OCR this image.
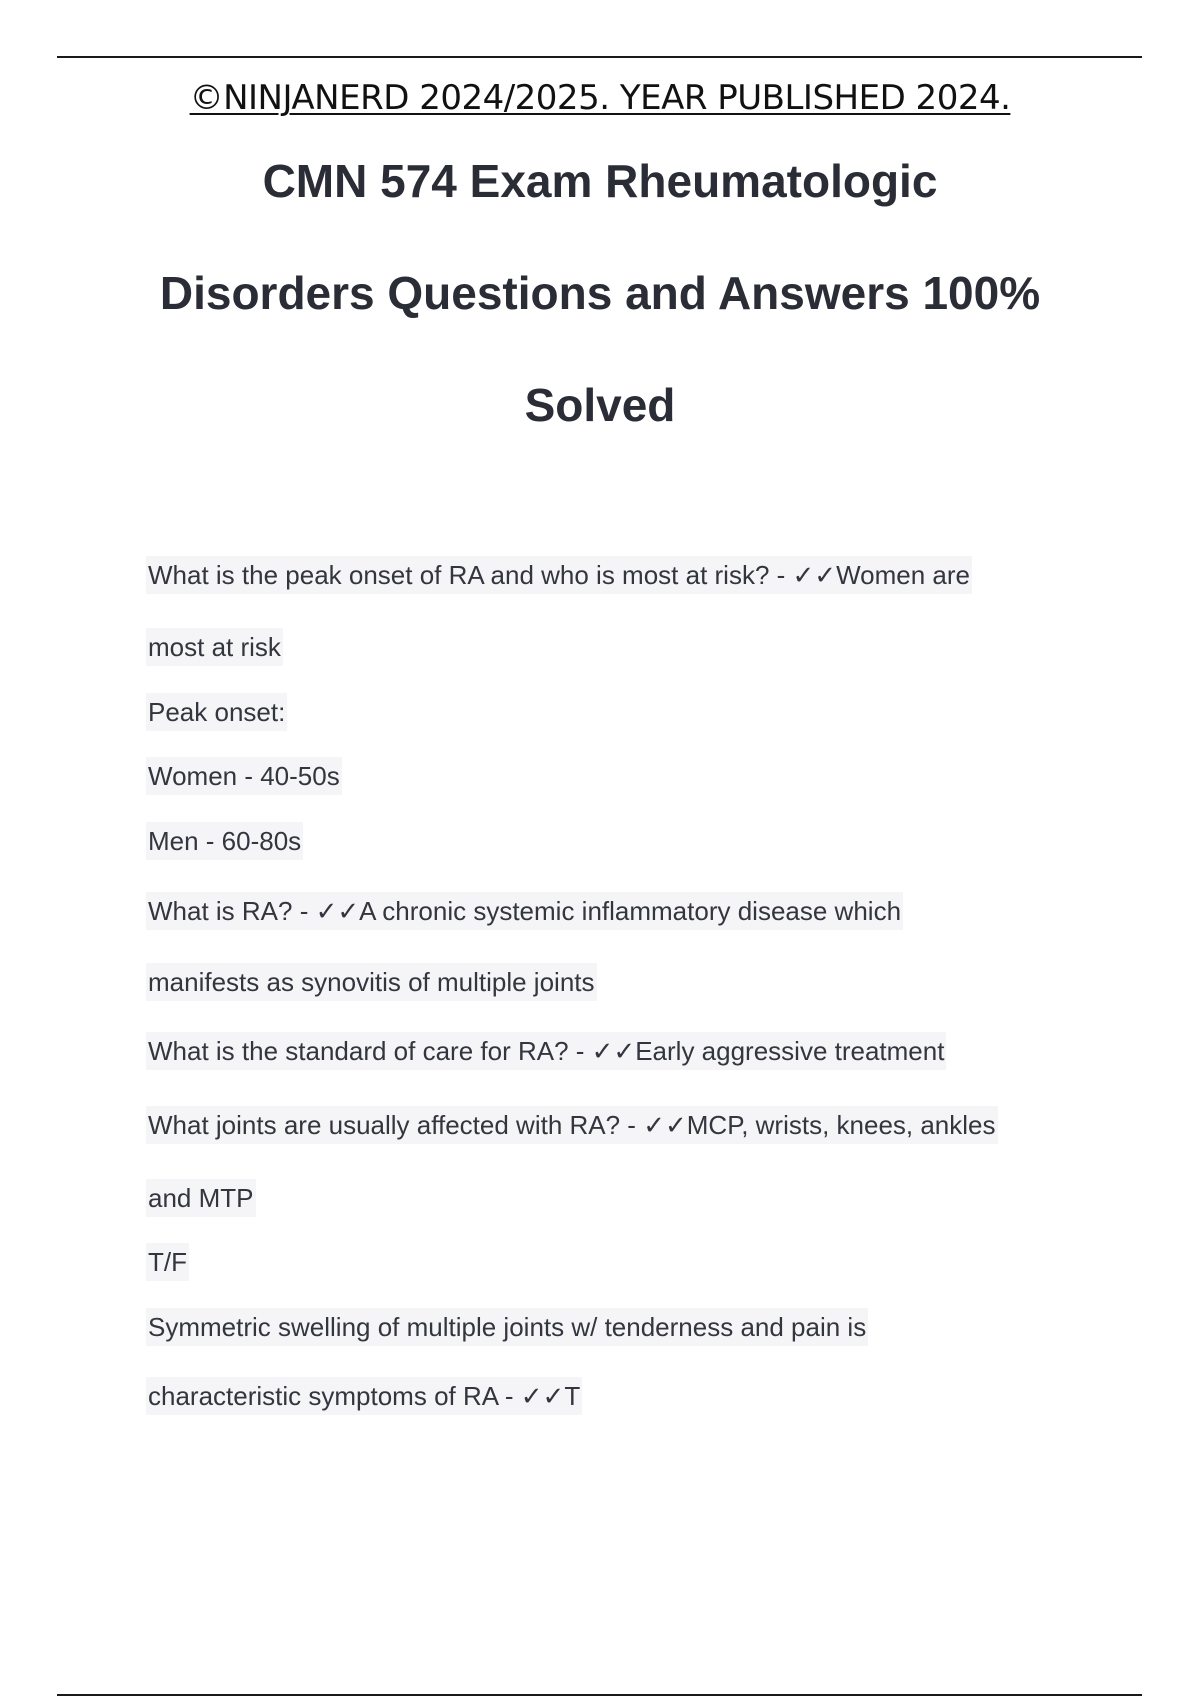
©NINJANERD 2024/2025. YEAR PUBLISHED 2024.
CMN 574 Exam Rheumatologic
Disorders Questions and Answers 100%
Solved
What is the peak onset of RA and who is most at risk? - ✓✓Women are
most at risk
Peak onset:
Women - 40-50s
Men - 60-80s
What is RA? - ✓✓A chronic systemic inflammatory disease which
manifests as synovitis of multiple joints
What is the standard of care for RA? - ✓✓Early aggressive treatment
What joints are usually affected with RA? - ✓✓MCP, wrists, knees, ankles
and MTP
T/F
Symmetric swelling of multiple joints w/ tenderness and pain is
characteristic symptoms of RA - ✓✓T
